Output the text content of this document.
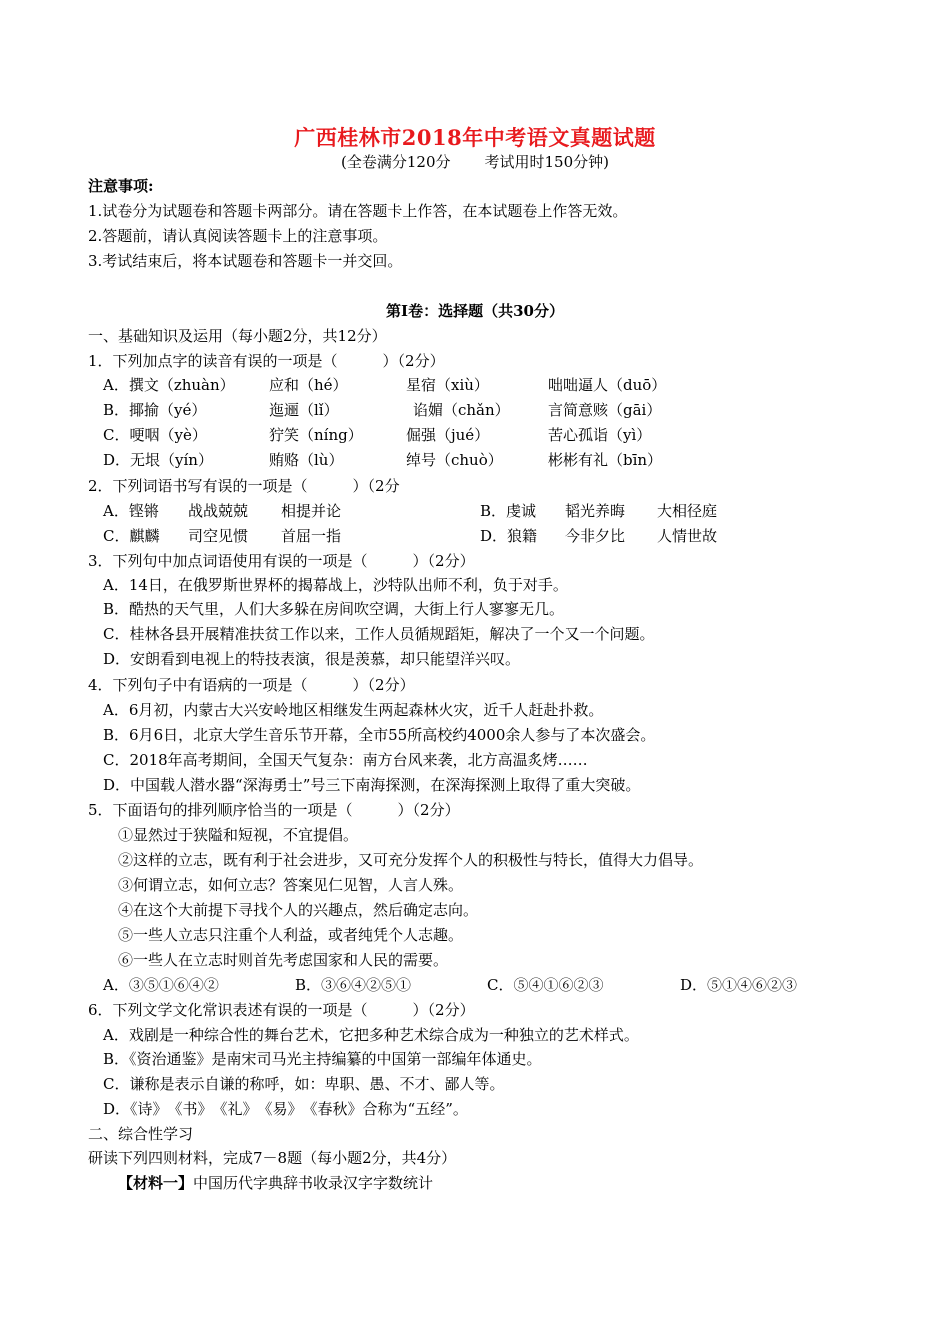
广西桂林市2018年中考语文真题试题
(全卷满分120分 考试用时150分钟)
注意事项:
1.试卷分为试题卷和答题卡两部分。请在答题卡上作答，在本试题卷上作答无效。
2.答题前，请认真阅读答题卡上的注意事项。
3.考试结束后，将本试题卷和答题卡一并交回。
第Ⅰ卷：选择题（共30分）
一、基础知识及运用（每小题2分，共12分）
1．下列加点字的读音有误的一项是（　　　）（2分）
A．撰文（zhuàn） 应和（hé）	星宿（xiù）	咄咄逼人（duō）
B．揶揄（yé）	迤逦（lǐ）	谄媚（chǎn）	言简意赅（gāi）
C．哽咽（yè）	狞笑（níng）	倔强（jué）	苦心孤诣（yì）
D．无垠（yín）	贿赂（lù）	绰号（chuò）	彬彬有礼（bīn）
2．下列词语书写有误的一项是（　　　）（2分
A．铿锵 战战兢兢 相提并论	B．虔诚 韬光养晦 大相径庭
C．麒麟 司空见惯 首屈一指	D．狼籍 今非夕比 人情世故
3．下列句中加点词语使用有误的一项是（　　　）（2分）
A．14日，在俄罗斯世界杯的揭幕战上，沙特队出师不利，负于对手。
B．酷热的天气里，人们大多躲在房间吹空调，大街上行人寥寥无几。
C．桂林各县开展精准扶贫工作以来，工作人员循规蹈矩，解决了一个又一个问题。
D．安朗看到电视上的特技表演，很是羡慕，却只能望洋兴叹。
4．下列句子中有语病的一项是（　　　）（2分）
A．6月初，内蒙古大兴安岭地区相继发生两起森林火灾，近千人赶赴扑救。
B．6月6日，北京大学生音乐节开幕，全市55所高校约4000余人参与了本次盛会。
C．2018年高考期间，全国天气复杂：南方台风来袭，北方高温炙烤……
D．中国载人潜水器“深海勇士”号三下南海探测，在深海探测上取得了重大突破。
5．下面语句的排列顺序恰当的一项是（　　　）（2分）
①显然过于狭隘和短视，不宜提倡。
②这样的立志，既有利于社会进步，又可充分发挥个人的积极性与特长，值得大力倡导。
③何谓立志，如何立志？答案见仁见智，人言人殊。
④在这个大前提下寻找个人的兴趣点，然后确定志向。
⑤一些人立志只注重个人利益，或者纯凭个人志趣。
⑥一些人在立志时则首先考虑国家和人民的需要。
A．③⑤①⑥④②	B．③⑥④②⑤①	C．⑤④①⑥②③	D．⑤①④⑥②③
6．下列文学文化常识表述有误的一项是（　　　）（2分）
A．戏剧是一种综合性的舞台艺术，它把多种艺术综合成为一种独立的艺术样式。
B．《资治通鉴》是南宋司马光主持编纂的中国第一部编年体通史。
C．谦称是表示自谦的称呼，如：卑职、愚、不才、鄙人等。
D．《诗》　《书》　《礼》　《易》　《春秋》合称为“五经”。
二、综合性学习
研读下列四则材料，完成7－8题（每小题2分，共4分）
【材料一】中国历代字典辞书收录汉字字数统计
